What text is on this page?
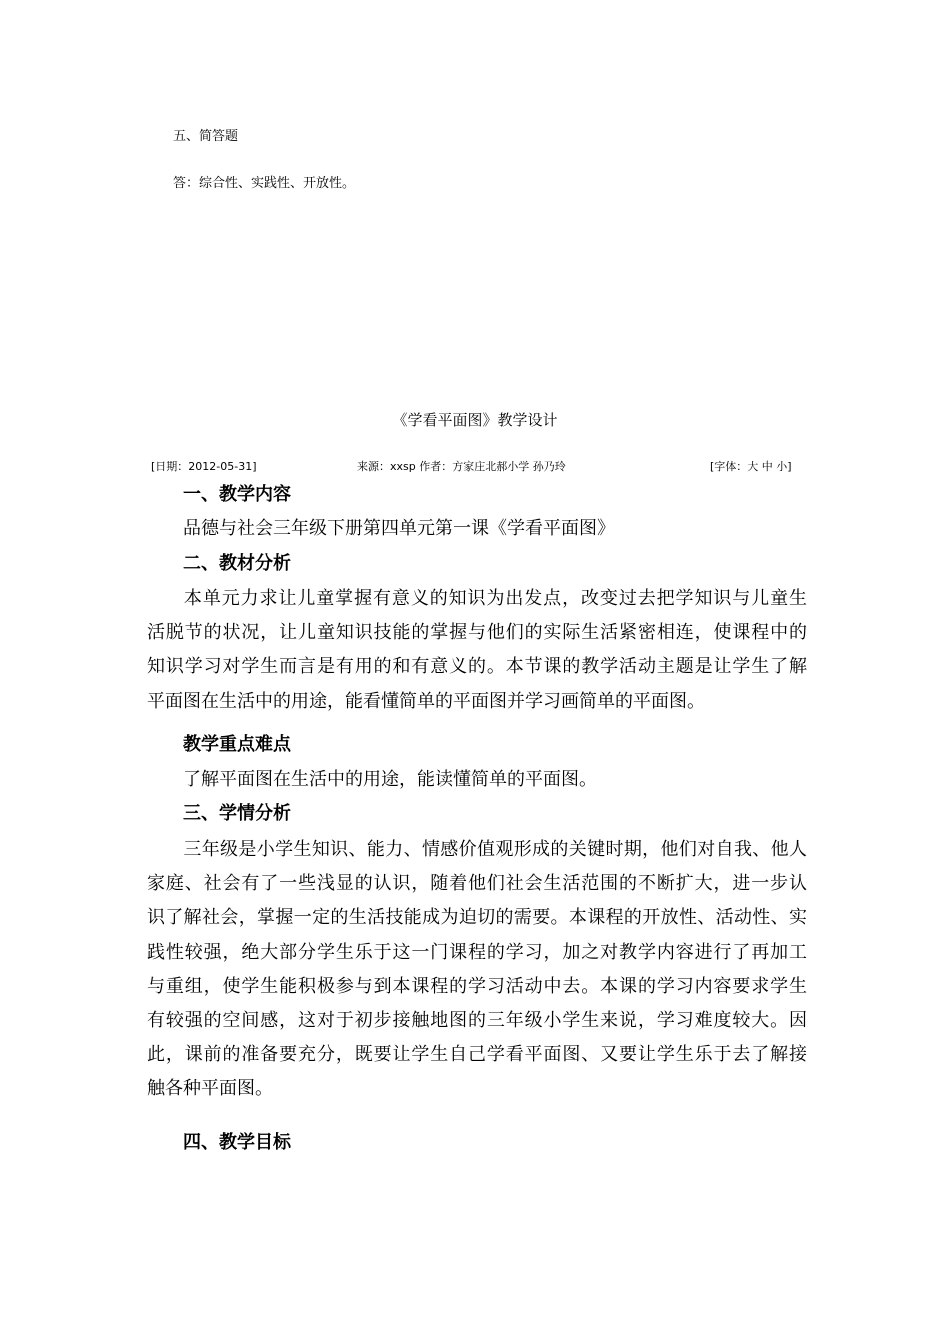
五、简答题
答：综合性、实践性、开放性。
《学看平面图》教学设计
[日期：2012-05-31]	来源：xxsp 作者：方家庄北郝小学 孙乃玲	[字体：大 中 小]
一、教学内容
品德与社会三年级下册第四单元第一课《学看平面图》
二、教材分析
本单元力求让儿童掌握有意义的知识为出发点，改变过去把学知识与儿童生
活脱节的状况，让儿童知识技能的掌握与他们的实际生活紧密相连，使课程中的
知识学习对学生而言是有用的和有意义的。本节课的教学活动主题是让学生了解
平面图在生活中的用途，能看懂简单的平面图并学习画简单的平面图。
教学重点难点
了解平面图在生活中的用途，能读懂简单的平面图。
三、学情分析
三年级是小学生知识、能力、情感价值观形成的关键时期，他们对自我、他人
家庭、社会有了一些浅显的认识，随着他们社会生活范围的不断扩大，进一步认
识了解社会，掌握一定的生活技能成为迫切的需要。本课程的开放性、活动性、实
践性较强，绝大部分学生乐于这一门课程的学习，加之对教学内容进行了再加工
与重组，使学生能积极参与到本课程的学习活动中去。本课的学习内容要求学生
有较强的空间感，这对于初步接触地图的三年级小学生来说，学习难度较大。因
此，课前的准备要充分，既要让学生自己学看平面图、又要让学生乐于去了解接
触各种平面图。
四、教学目标
